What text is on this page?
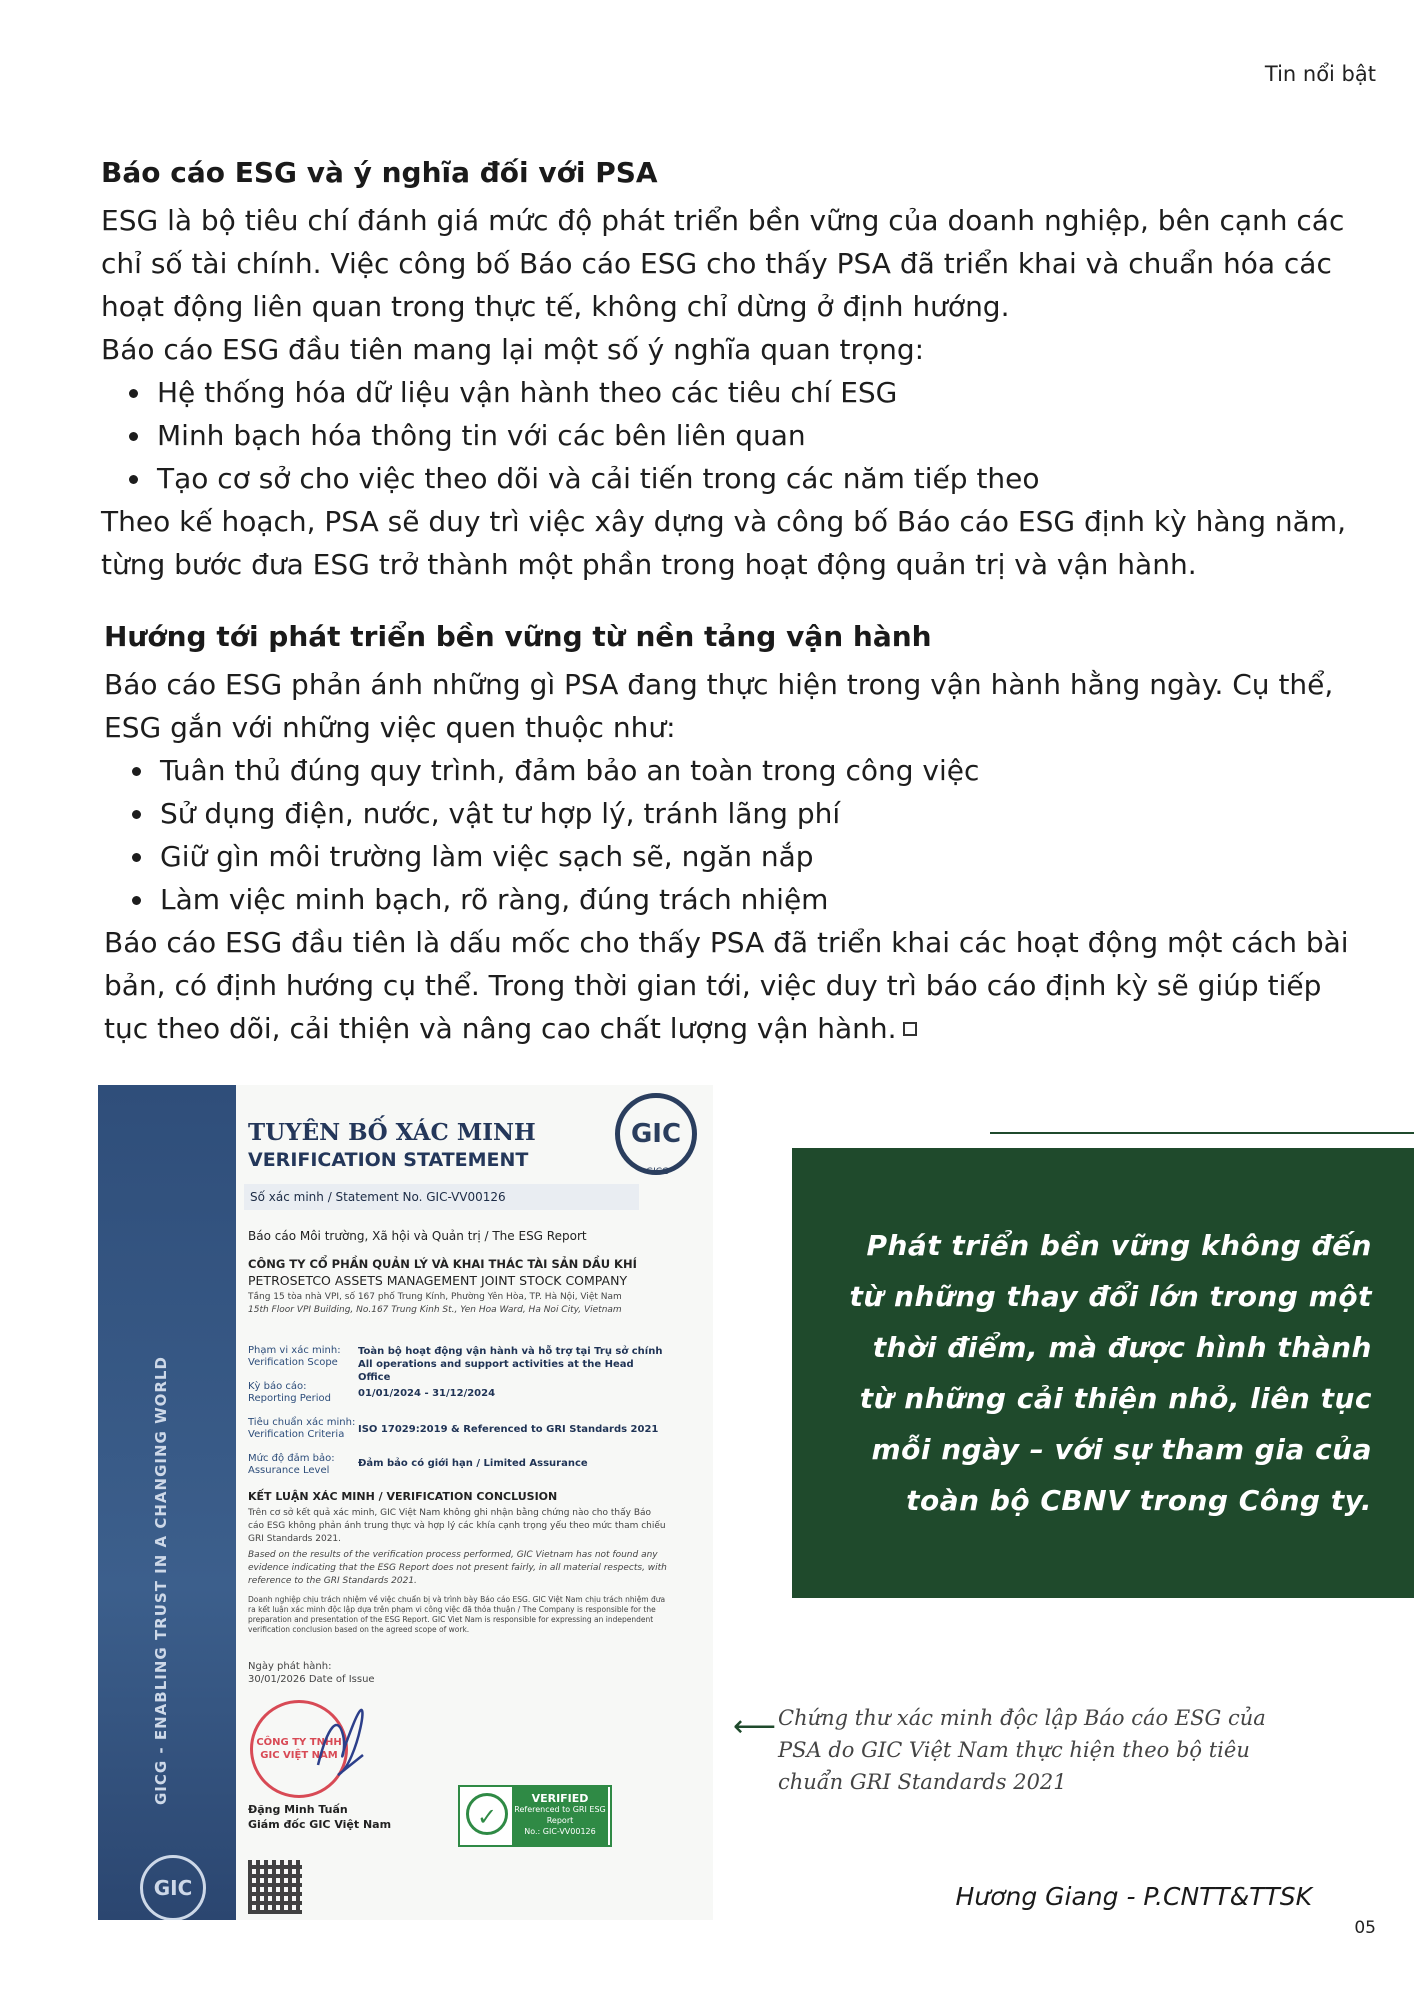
Tin nổi bật
Báo cáo ESG và ý nghĩa đối với PSA

ESG là bộ tiêu chí đánh giá mức độ phát triển bền vững của doanh nghiệp, bên cạnh các chỉ số tài chính. Việc công bố Báo cáo ESG cho thấy PSA đã triển khai và chuẩn hóa các hoạt động liên quan trong thực tế, không chỉ dừng ở định hướng.

Báo cáo ESG đầu tiên mang lại một số ý nghĩa quan trọng:

• Hệ thống hóa dữ liệu vận hành theo các tiêu chí ESG
• Minh bạch hóa thông tin với các bên liên quan
• Tạo cơ sở cho việc theo dõi và cải tiến trong các năm tiếp theo

Theo kế hoạch, PSA sẽ duy trì việc xây dựng và công bố Báo cáo ESG định kỳ hàng năm, từng bước đưa ESG trở thành một phần trong hoạt động quản trị và vận hành.

Hướng tới phát triển bền vững từ nền tảng vận hành

Báo cáo ESG phản ánh những gì PSA đang thực hiện trong vận hành hằng ngày. Cụ thể, ESG gắn với những việc quen thuộc như:

• Tuân thủ đúng quy trình, đảm bảo an toàn trong công việc
• Sử dụng điện, nước, vật tư hợp lý, tránh lãng phí
• Giữ gìn môi trường làm việc sạch sẽ, ngăn nắp
• Làm việc minh bạch, rõ ràng, đúng trách nhiệm

Báo cáo ESG đầu tiên là dấu mốc cho thấy PSA đã triển khai các hoạt động một cách bài bản, có định hướng cụ thể. Trong thời gian tới, việc duy trì báo cáo định kỳ sẽ giúp tiếp tục theo dõi, cải thiện và nâng cao chất lượng vận hành.

GICG - ENABLING TRUST IN A CHANGING WORLD
GIC
GIC
GICG
TUYÊN BỐ XÁC MINH
VERIFICATION STATEMENT
Số xác minh / Statement No. GIC-VV00126
Báo cáo Môi trường, Xã hội và Quản trị / The ESG Report
CÔNG TY CỔ PHẦN QUẢN LÝ VÀ KHAI THÁC TÀI SẢN DẦU KHÍ
PETROSETCO ASSETS MANAGEMENT JOINT STOCK COMPANY
Tầng 15 tòa nhà VPI, số 167 phố Trung Kính, Phường Yên Hòa, TP. Hà Nội, Việt Nam
15th Floor VPI Building, No.167 Trung Kinh St., Yen Hoa Ward, Ha Noi City, Vietnam
Phạm vi xác minh: Verification Scope
Toàn bộ hoạt động vận hành và hỗ trợ tại Trụ sở chính All operations and support activities at the Head Office
Kỳ báo cáo: Reporting Period	01/01/2024 - 31/12/2024
Tiêu chuẩn xác minh: Verification Criteria	ISO 17029:2019 & Referenced to GRI Standards 2021
Mức độ đảm bảo: Assurance Level
Đảm bảo có giới hạn / Limited Assurance
KẾT LUẬN XÁC MINH / VERIFICATION CONCLUSION
Trên cơ sở kết quả xác minh, GIC Việt Nam không ghi nhận bằng chứng nào cho thấy Báo cáo ESG không phản ánh trung thực và hợp lý các khía cạnh trọng yếu theo mức tham chiếu GRI Standards 2021.
Based on the results of the verification process performed, GIC Vietnam has not found any evidence indicating that the ESG Report does not present fairly, in all material respects, with reference to the GRI Standards 2021.
Doanh nghiệp chịu trách nhiệm về việc chuẩn bị và trình bày Báo cáo ESG. GIC Việt Nam chịu trách nhiệm đưa ra kết luận xác minh độc lập dựa trên phạm vi công việc đã thỏa thuận / The Company is responsible for the preparation and presentation of the ESG Report. GIC Viet Nam is responsible for expressing an independent verification conclusion based on the agreed scope of work.
Ngày phát hành: 30/01/2026 Date of Issue
CÔNG TY TNHH GIC VIỆT NAM
Đặng Minh Tuấn
Giám đốc GIC Việt Nam	✓
VERIFIED
Referenced to GRI ESG Report
No.: GIC-VV00126

Phát triển bền vững không đến từ những thay đổi lớn trong một thời điểm, mà được hình thành từ những cải thiện nhỏ, liên tục mỗi ngày – với sự tham gia của toàn bộ CBNV trong Công ty.

⟵ Chứng thư xác minh độc lập Báo cáo ESG của PSA do GIC Việt Nam thực hiện theo bộ tiêu chuẩn GRI Standards 2021
Hương Giang - P.CNTT&TTSK
05
